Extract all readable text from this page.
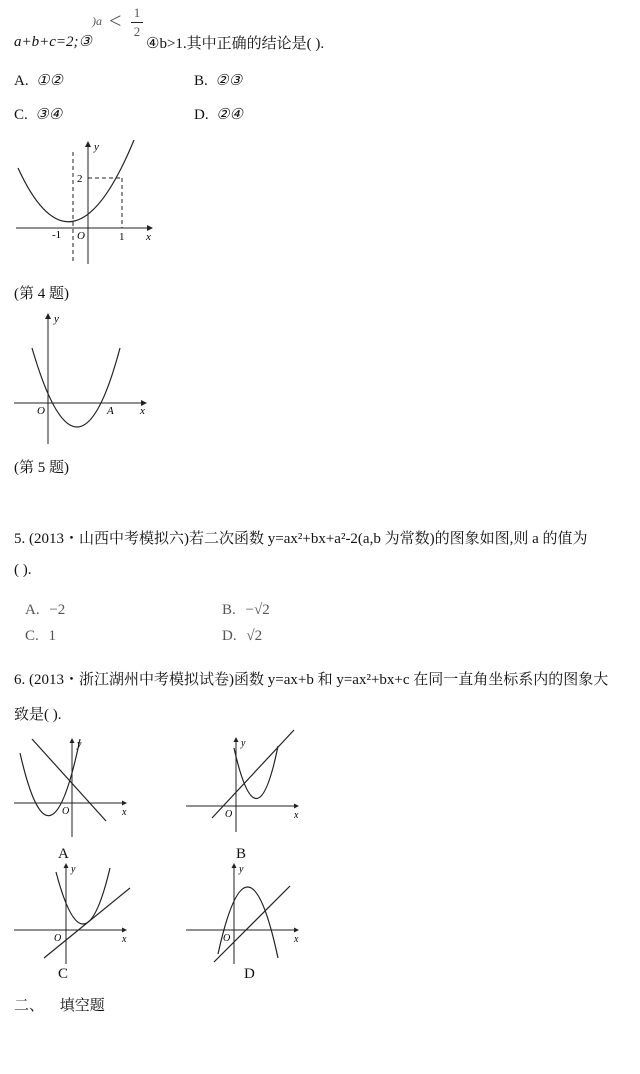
a+b+c=2;③
)a < 1
2
④b>1.其中正确的结论是( ).
A. ①②	B. ②③
C. ③④	D. ②④
y
x
O
-1	1
2
(第 4 题)
y
x
O	A
(第 5 题)
5. (2013・山西中考模拟六)若二次函数 y=ax²+bx+a²-2(a,b 为常数)的图象如图,则 a 的值为
( ).
A. −2	B. −√2
C. 1	D. √2
6. (2013・浙江湖州中考模拟试卷)函数 y=ax+b 和 y=ax²+bx+c 在同一直角坐标系内的图象大
致是( ).
y
x
O
A
y
x
O
B
y
x
O
C
y
x
O
D
二、 填空题
